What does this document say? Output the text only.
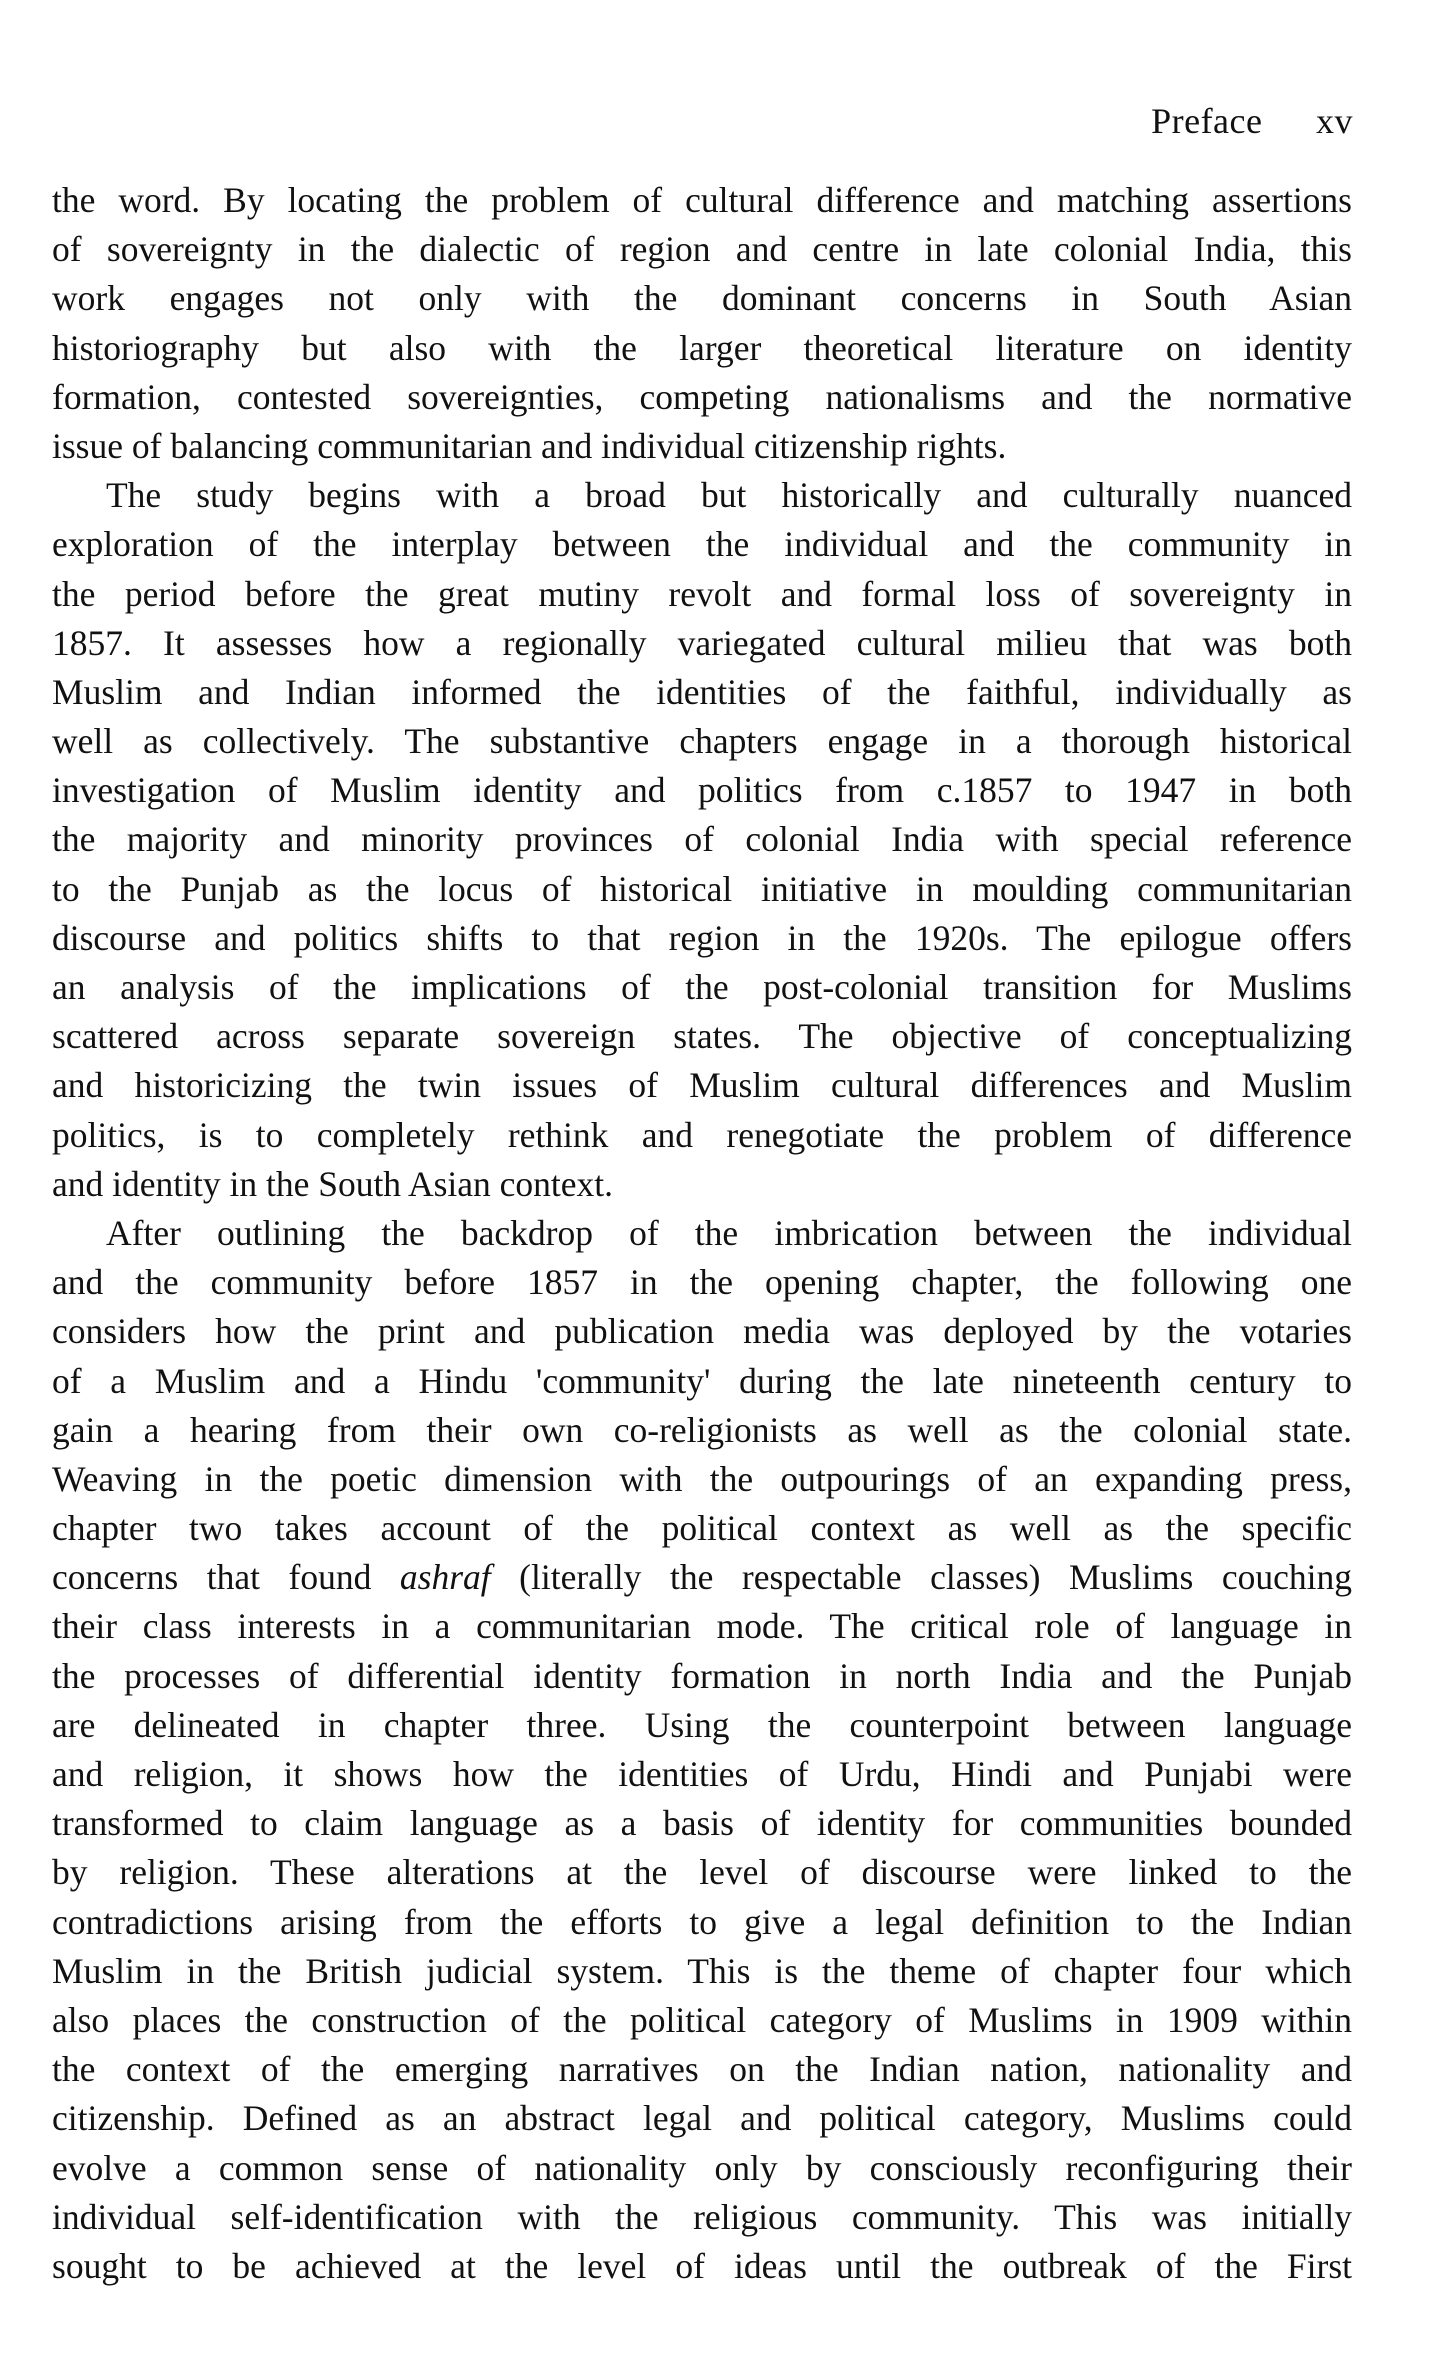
Preface xv
the word. By locating the problem of cultural difference and matching assertions
of sovereignty in the dialectic of region and centre in late colonial India, this
work engages not only with the dominant concerns in South Asian
historiography but also with the larger theoretical literature on identity
formation, contested sovereignties, competing nationalisms and the normative
issue of balancing communitarian and individual citizenship rights.
The study begins with a broad but historically and culturally nuanced
exploration of the interplay between the individual and the community in
the period before the great mutiny revolt and formal loss of sovereignty in
1857. It assesses how a regionally variegated cultural milieu that was both
Muslim and Indian informed the identities of the faithful, individually as
well as collectively. The substantive chapters engage in a thorough historical
investigation of Muslim identity and politics from c.1857 to 1947 in both
the majority and minority provinces of colonial India with special reference
to the Punjab as the locus of historical initiative in moulding communitarian
discourse and politics shifts to that region in the 1920s. The epilogue offers
an analysis of the implications of the post-colonial transition for Muslims
scattered across separate sovereign states. The objective of conceptualizing
and historicizing the twin issues of Muslim cultural differences and Muslim
politics, is to completely rethink and renegotiate the problem of difference
and identity in the South Asian context.
After outlining the backdrop of the imbrication between the individual
and the community before 1857 in the opening chapter, the following one
considers how the print and publication media was deployed by the votaries
of a Muslim and a Hindu 'community' during the late nineteenth century to
gain a hearing from their own co-religionists as well as the colonial state.
Weaving in the poetic dimension with the outpourings of an expanding press,
chapter two takes account of the political context as well as the specific
concerns that found ashraf (literally the respectable classes) Muslims couching
their class interests in a communitarian mode. The critical role of language in
the processes of differential identity formation in north India and the Punjab
are delineated in chapter three. Using the counterpoint between language
and religion, it shows how the identities of Urdu, Hindi and Punjabi were
transformed to claim language as a basis of identity for communities bounded
by religion. These alterations at the level of discourse were linked to the
contradictions arising from the efforts to give a legal definition to the Indian
Muslim in the British judicial system. This is the theme of chapter four which
also places the construction of the political category of Muslims in 1909 within
the context of the emerging narratives on the Indian nation, nationality and
citizenship. Defined as an abstract legal and political category, Muslims could
evolve a common sense of nationality only by consciously reconfiguring their
individual self-identification with the religious community. This was initially
sought to be achieved at the level of ideas until the outbreak of the First
